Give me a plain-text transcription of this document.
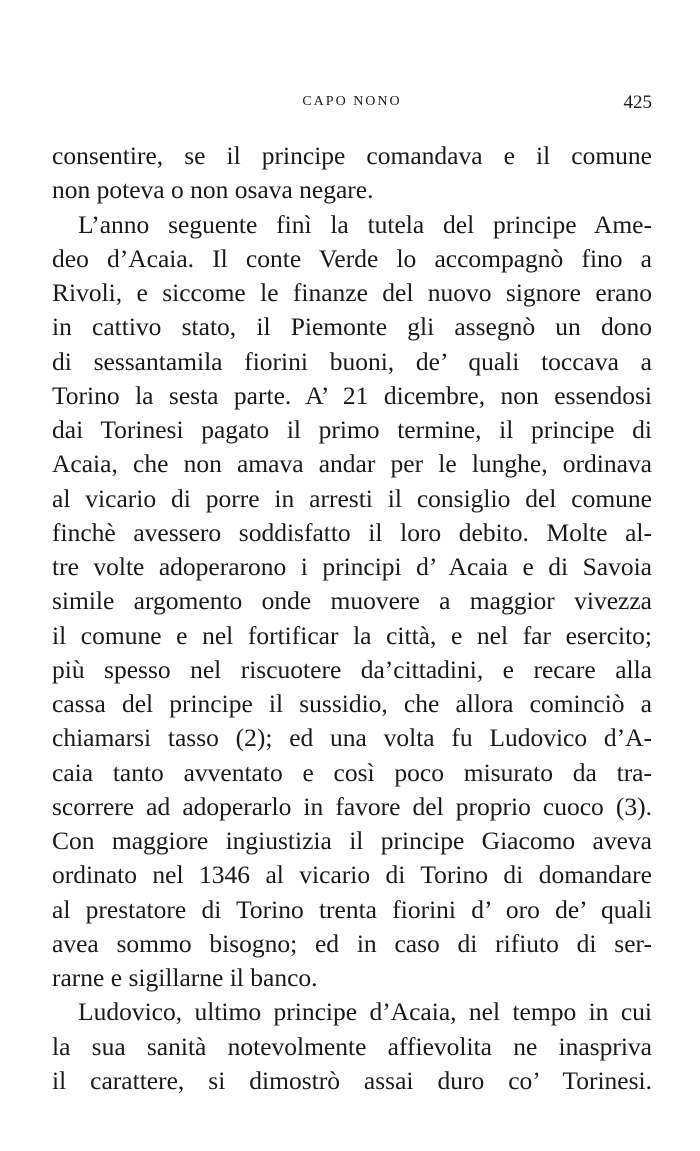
CAPO NONO	425
consentire, se il principe comandava e il comune
non poteva o non osava negare.
L’anno seguente finì la tutela del principe Ame-
deo d’Acaia. Il conte Verde lo accompagnò fino a
Rivoli, e siccome le finanze del nuovo signore erano
in cattivo stato, il Piemonte gli assegnò un dono
di sessantamila fiorini buoni, de’ quali toccava a
Torino la sesta parte. A’ 21 dicembre, non essendosi
dai Torinesi pagato il primo termine, il principe di
Acaia, che non amava andar per le lunghe, ordinava
al vicario di porre in arresti il consiglio del comune
finchè avessero soddisfatto il loro debito. Molte al-
tre volte adoperarono i principi d’ Acaia e di Savoia
simile argomento onde muovere a maggior vivezza
il comune e nel fortificar la città, e nel far esercito;
più spesso nel riscuotere da’cittadini, e recare alla
cassa del principe il sussidio, che allora cominciò a
chiamarsi tasso (2); ed una volta fu Ludovico d’A-
caia tanto avventato e così poco misurato da tra-
scorrere ad adoperarlo in favore del proprio cuoco (3).
Con maggiore ingiustizia il principe Giacomo aveva
ordinato nel 1346 al vicario di Torino di domandare
al prestatore di Torino trenta fiorini d’ oro de’ quali
avea sommo bisogno; ed in caso di rifiuto di ser-
rarne e sigillarne il banco.
Ludovico, ultimo principe d’Acaia, nel tempo in cui
la sua sanità notevolmente affievolita ne inaspriva
il carattere, si dimostrò assai duro co’ Torinesi.
